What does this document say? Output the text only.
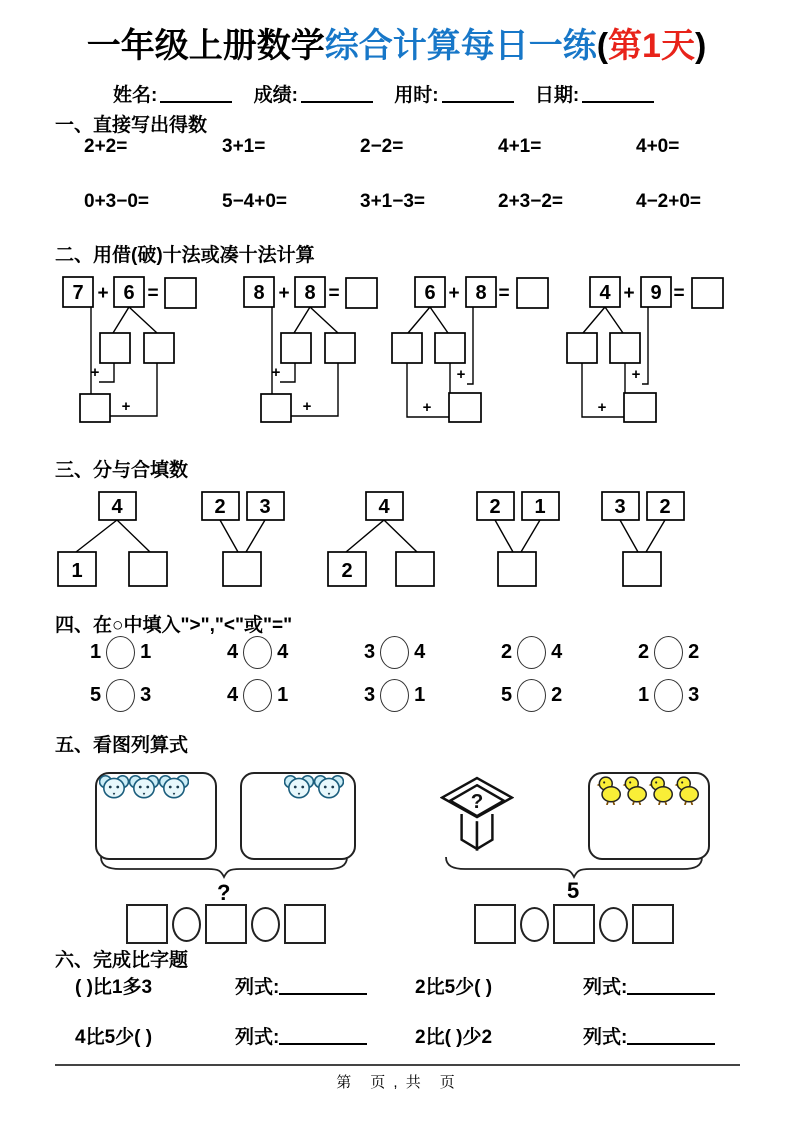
一年级上册数学综合计算每日一练(第1天)
姓名:	成绩:	用时:	日期:
一、直接写出得数
2+2=	3+1=	2−2=	4+1=	4+0=
0+3−0=	5−4+0=	3+1−3=	2+3−2=	4−2+0=
二、用借(破)十法或凑十法计算
7 + 6 =
+
+
8 + 8 =
+
+
6 + 8 =
+
+
4 + 9 =
+
+
三、分与合填数
4
1
2 3	4
2
2 1	3 2
四、在○中填入">","<"或"="
1 1	4 4	3 4	2 4	2 2
5 3	4 1	3 1	5 2	1 3
五、看图列算式
?
?
5
六、完成比字题
( )比1多3	列式:	2比5少( )	列式:
4比5少( )	列式:	2比( )少2	列式:
第　页 , 共　页
